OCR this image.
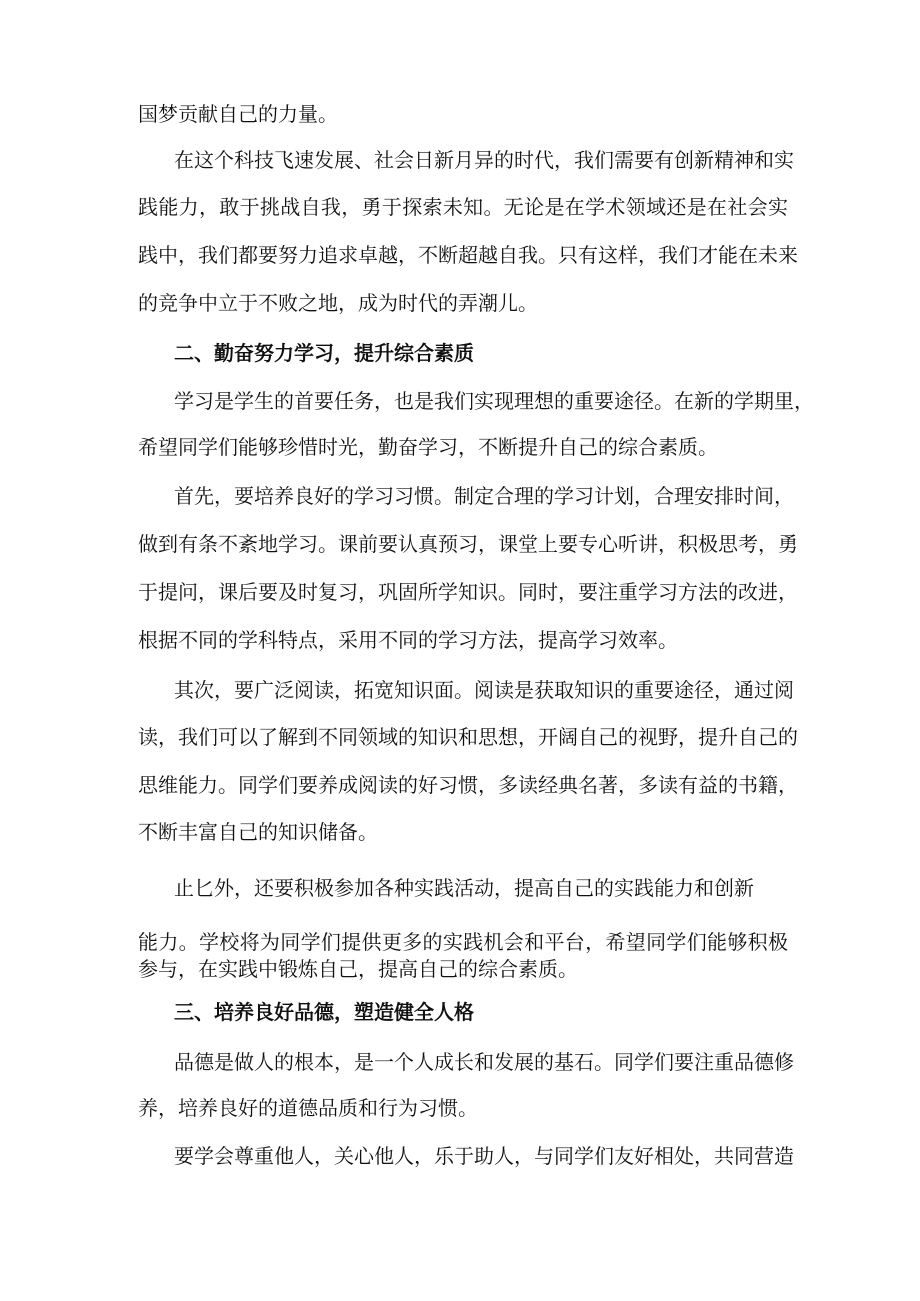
国梦贡献自己的力量。
在这个科技飞速发展、社会日新月异的时代，我们需要有创新精神和实
践能力，敢于挑战自我，勇于探索未知。无论是在学术领域还是在社会实
践中，我们都要努力追求卓越，不断超越自我。只有这样，我们才能在未来
的竞争中立于不败之地，成为时代的弄潮儿。
二、勤奋努力学习，提升综合素质
学习是学生的首要任务，也是我们实现理想的重要途径。在新的学期里，
希望同学们能够珍惜时光，勤奋学习，不断提升自己的综合素质。
首先，要培养良好的学习习惯。制定合理的学习计划，合理安排时间，
做到有条不紊地学习。课前要认真预习，课堂上要专心听讲，积极思考，勇
于提问，课后要及时复习，巩固所学知识。同时，要注重学习方法的改进，
根据不同的学科特点，采用不同的学习方法，提高学习效率。
其次，要广泛阅读，拓宽知识面。阅读是获取知识的重要途径，通过阅
读，我们可以了解到不同领域的知识和思想，开阔自己的视野，提升自己的
思维能力。同学们要养成阅读的好习惯，多读经典名著，多读有益的书籍，
不断丰富自己的知识储备。
止匕外，还要积极参加各种实践活动，提高自己的实践能力和创新
能力。学校将为同学们提供更多的实践机会和平台，希望同学们能够积极
参与，在实践中锻炼自己，提高自己的综合素质。
三、培养良好品德，塑造健全人格
品德是做人的根本，是一个人成长和发展的基石。同学们要注重品德修
养，培养良好的道德品质和行为习惯。
要学会尊重他人，关心他人，乐于助人，与同学们友好相处，共同营造
